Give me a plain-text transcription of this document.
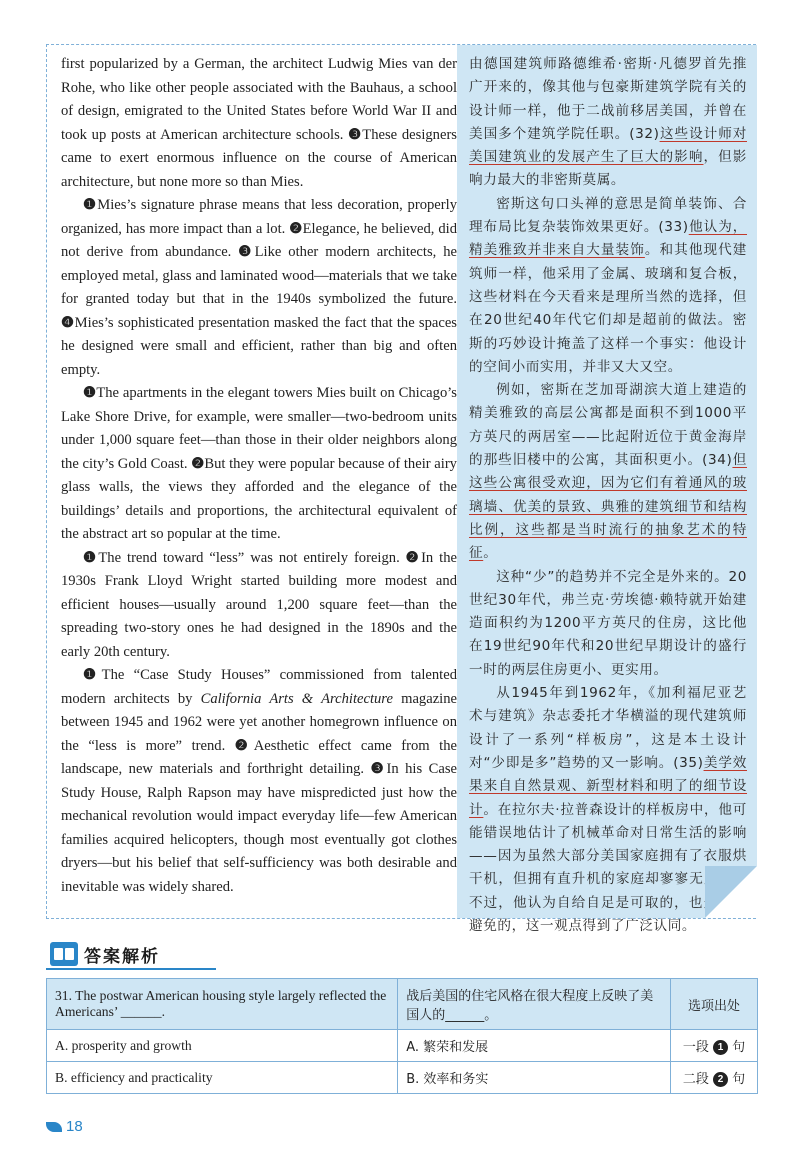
first popularized by a German, the architect Ludwig Mies van der Rohe, who like other people associated with the Bauhaus, a school of design, emigrated to the United States before World War II and took up posts at American architecture schools. ❸These designers came to exert enormous influence on the course of American architecture, but none more so than Mies.

❶Mies’s signature phrase means that less decoration, properly organized, has more impact than a lot. ❷Elegance, he believed, did not derive from abundance. ❸Like other modern architects, he employed metal, glass and laminated wood—materials that we take for granted today but that in the 1940s symbolized the future. ❹Mies’s sophisticated presentation masked the fact that the spaces he designed were small and efficient, rather than big and often empty.

❶The apartments in the elegant towers Mies built on Chicago’s Lake Shore Drive, for example, were smaller—two-bedroom units under 1,000 square feet—than those in their older neighbors along the city’s Gold Coast. ❷But they were popular because of their airy glass walls, the views they afforded and the elegance of the buildings’ details and proportions, the architectural equivalent of the abstract art so popular at the time.

❶The trend toward “less” was not entirely foreign. ❷In the 1930s Frank Lloyd Wright started building more modest and efficient houses—usually around 1,200 square feet—than the spreading two-story ones he had designed in the 1890s and the early 20th century.

❶The “Case Study Houses” commissioned from talented modern architects by California Arts & Architecture magazine between 1945 and 1962 were yet another homegrown influence on the “less is more” trend. ❷Aesthetic effect came from the landscape, new materials and forthright detailing. ❸In his Case Study House, Ralph Rapson may have mispredicted just how the mechanical revolution would impact everyday life—few American families acquired helicopters, though most eventually got clothes dryers—but his belief that self-sufficiency was both desirable and inevitable was widely shared.

由德国建筑师路德维希·密斯·凡德罗首先推广开来的，像其他与包豪斯建筑学院有关的设计师一样，他于二战前移居美国，并曾在美国多个建筑学院任职。(32)这些设计师对美国建筑业的发展产生了巨大的影响，但影响力最大的非密斯莫属。

密斯这句口头禅的意思是简单装饰、合理布局比复杂装饰效果更好。(33)他认为，精美雅致并非来自大量装饰。和其他现代建筑师一样，他采用了金属、玻璃和复合板，这些材料在今天看来是理所当然的选择，但在20世纪40年代它们却是超前的做法。密斯的巧妙设计掩盖了这样一个事实：他设计的空间小而实用，并非又大又空。

例如，密斯在芝加哥湖滨大道上建造的精美雅致的高层公寓都是面积不到1000平方英尺的两居室——比起附近位于黄金海岸的那些旧楼中的公寓，其面积更小。(34)但这些公寓很受欢迎，因为它们有着通风的玻璃墙、优美的景致、典雅的建筑细节和结构比例，这些都是当时流行的抽象艺术的特征。

这种“少”的趋势并不完全是外来的。20世纪30年代，弗兰克·劳埃德·赖特就开始建造面积约为1200平方英尺的住房，这比他在19世纪90年代和20世纪早期设计的盛行一时的两层住房更小、更实用。

从1945年到1962年，《加利福尼亚艺术与建筑》杂志委托才华横溢的现代建筑师设计了一系列“样板房”，这是本土设计对“少即是多”趋势的又一影响。(35)美学效果来自自然景观、新型材料和明了的细节设计。在拉尔夫·拉普森设计的样板房中，他可能错误地估计了机械革命对日常生活的影响——因为虽然大部分美国家庭拥有了衣服烘干机，但拥有直升机的家庭却寥寥无几——不过，他认为自给自足是可取的，也是不可避免的，这一观点得到了广泛认同。

答案解析
31. The postwar American housing style largely reflected the Americans’ ______.	战后美国的住宅风格在很大程度上反映了美国人的______。	选项出处
A. prosperity and growth	A. 繁荣和发展	一段 1 句
B. efficiency and practicality	B. 效率和务实	二段 2 句
18
